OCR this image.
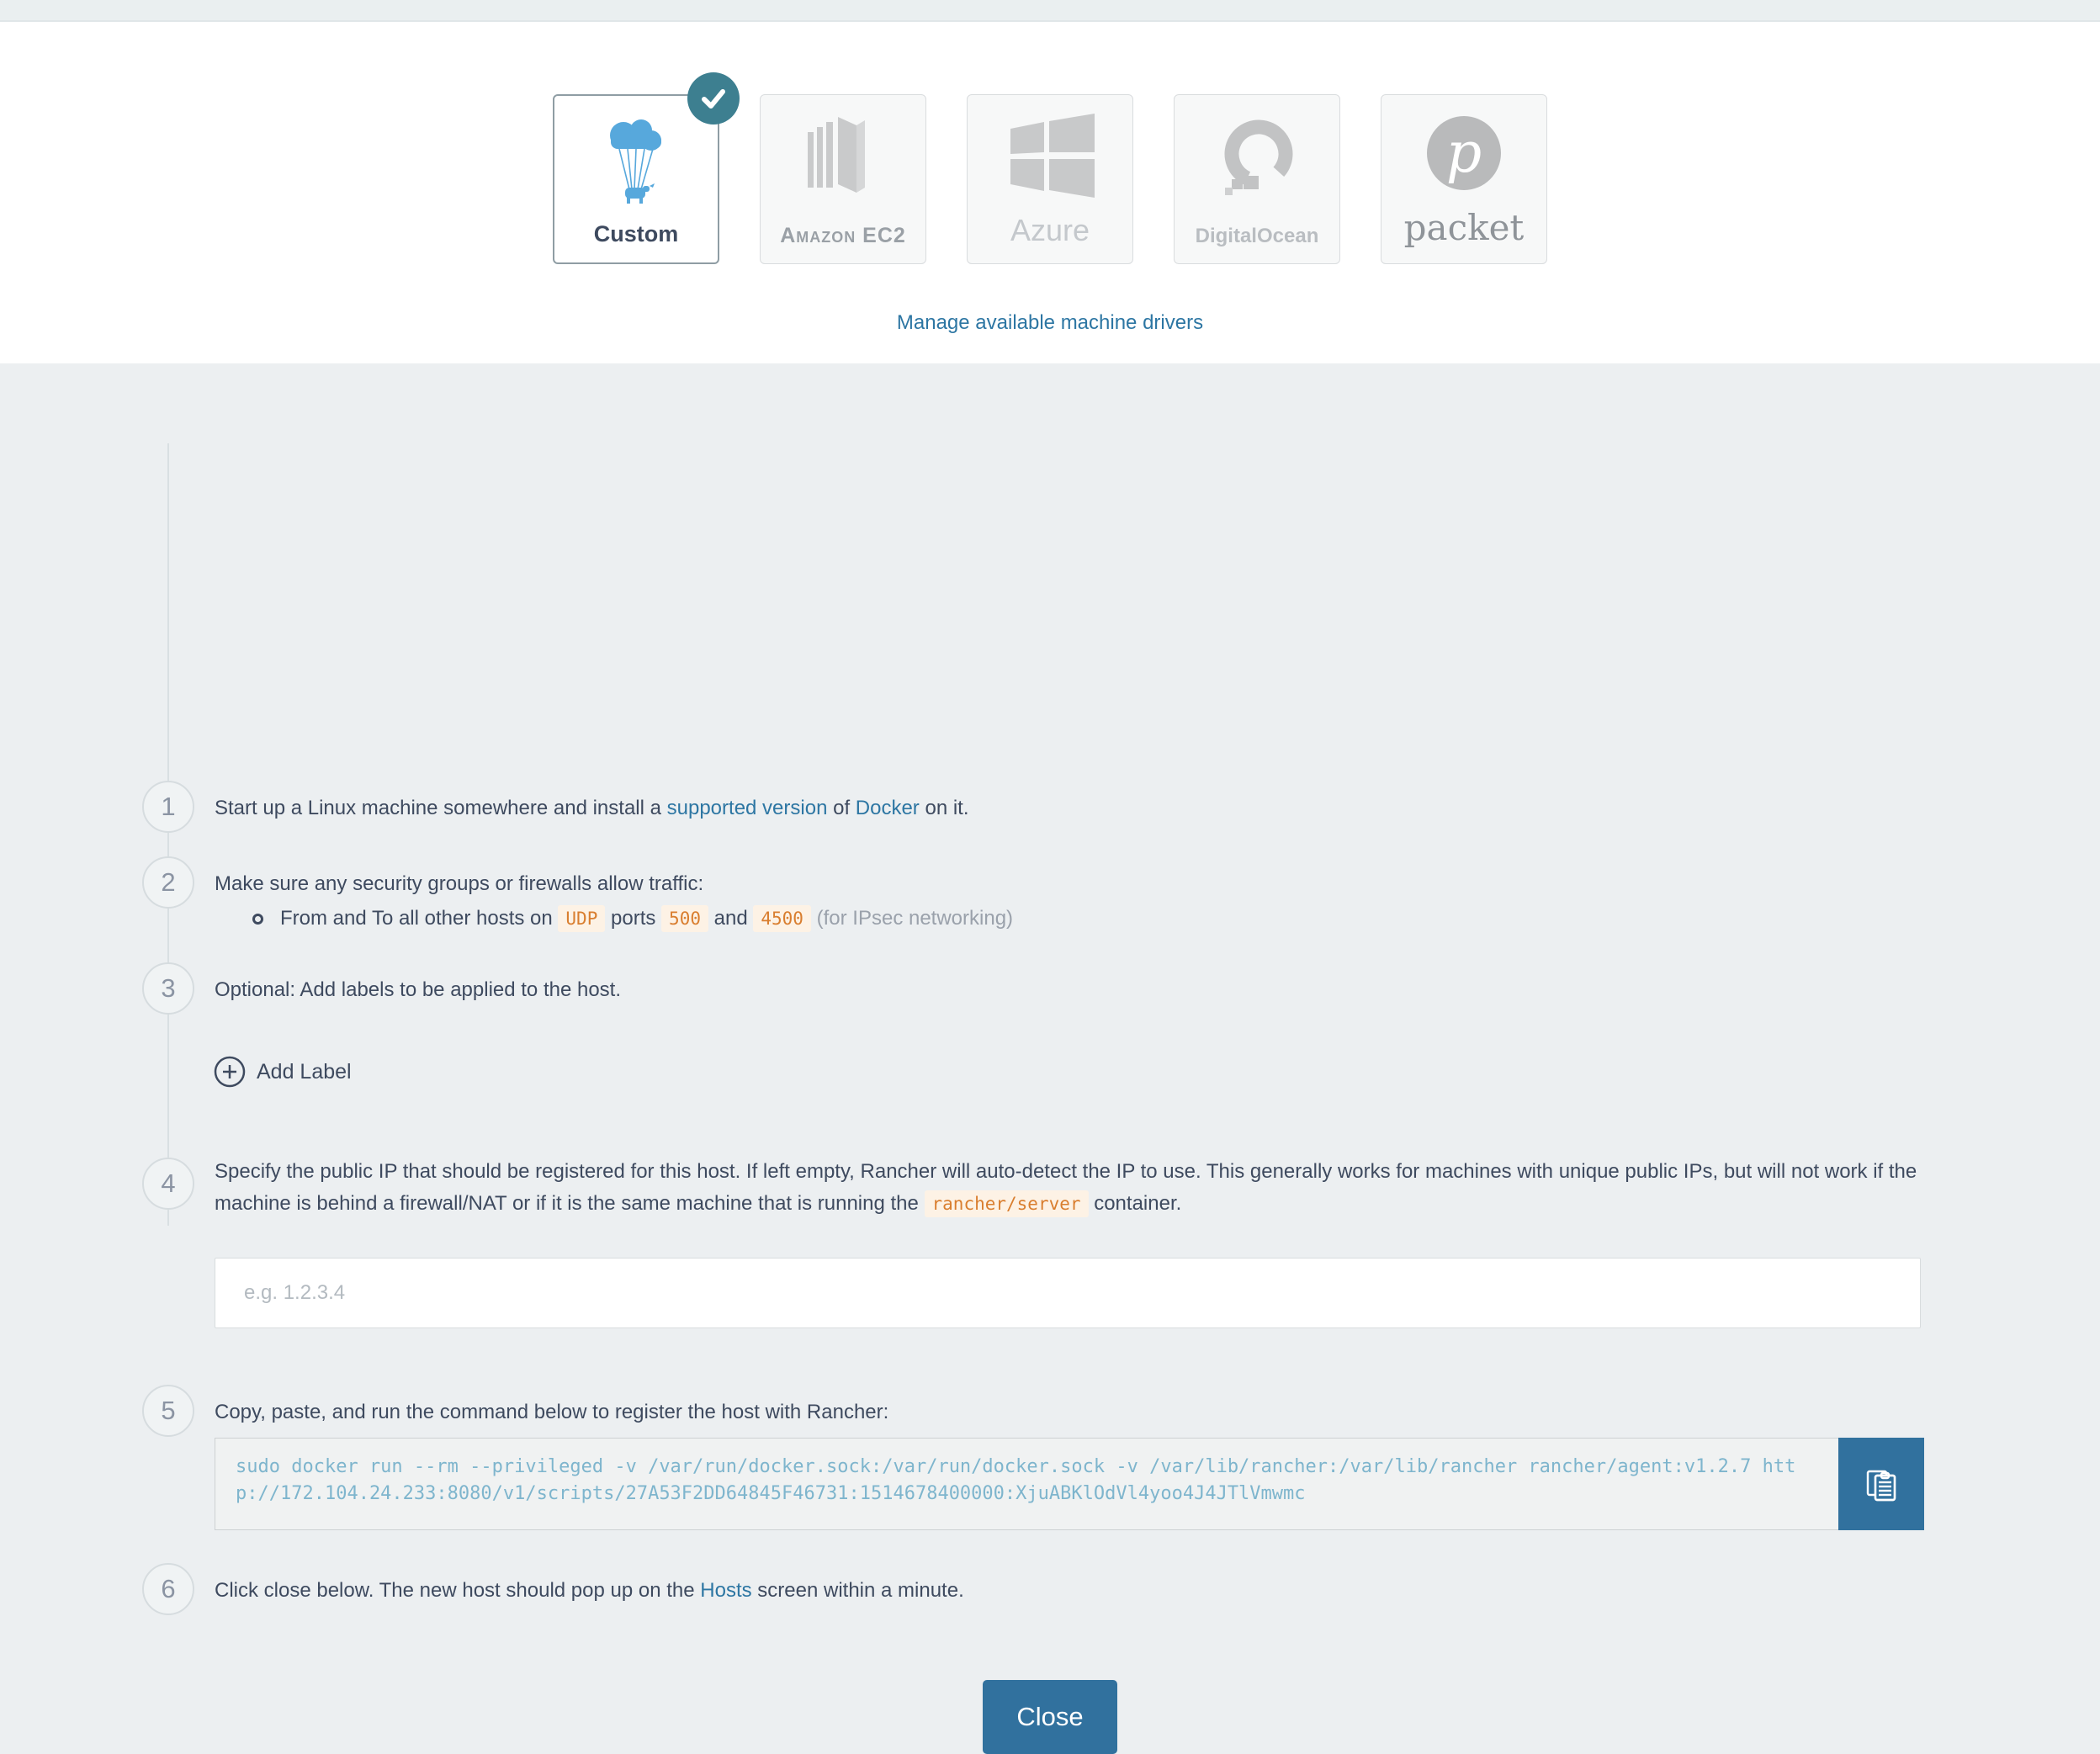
Custom	Amazon EC2	Azure	DigitalOcean
p
packet
Manage available machine drivers
1	Start up a Linux machine somewhere and install a supported version of Docker on it.
2	Make sure any security groups or firewalls allow traffic:
From and To all other hosts on UDP ports 500 and 4500 (for IPsec networking)
3	Optional: Add labels to be applied to the host.
Add Label
4	Specify the public IP that should be registered for this host. If left empty, Rancher will auto-detect the IP to use. This generally works for machines with unique public IPs, but will not work if the machine is behind a firewall/NAT or if it is the same machine that is running the rancher/server container.
e.g. 1.2.3.4
5	Copy, paste, and run the command below to register the host with Rancher:
sudo docker run --rm --privileged -v /var/run/docker.sock:/var/run/docker.sock -v /var/lib/rancher:/var/lib/rancher rancher/agent:v1.2.7 http://172.104.24.233:8080/v1/scripts/27A53F2DD64845F46731:1514678400000:XjuABKlOdVl4yoo4J4JTlVmwmc
6	Click close below. The new host should pop up on the Hosts screen within a minute.
Close
